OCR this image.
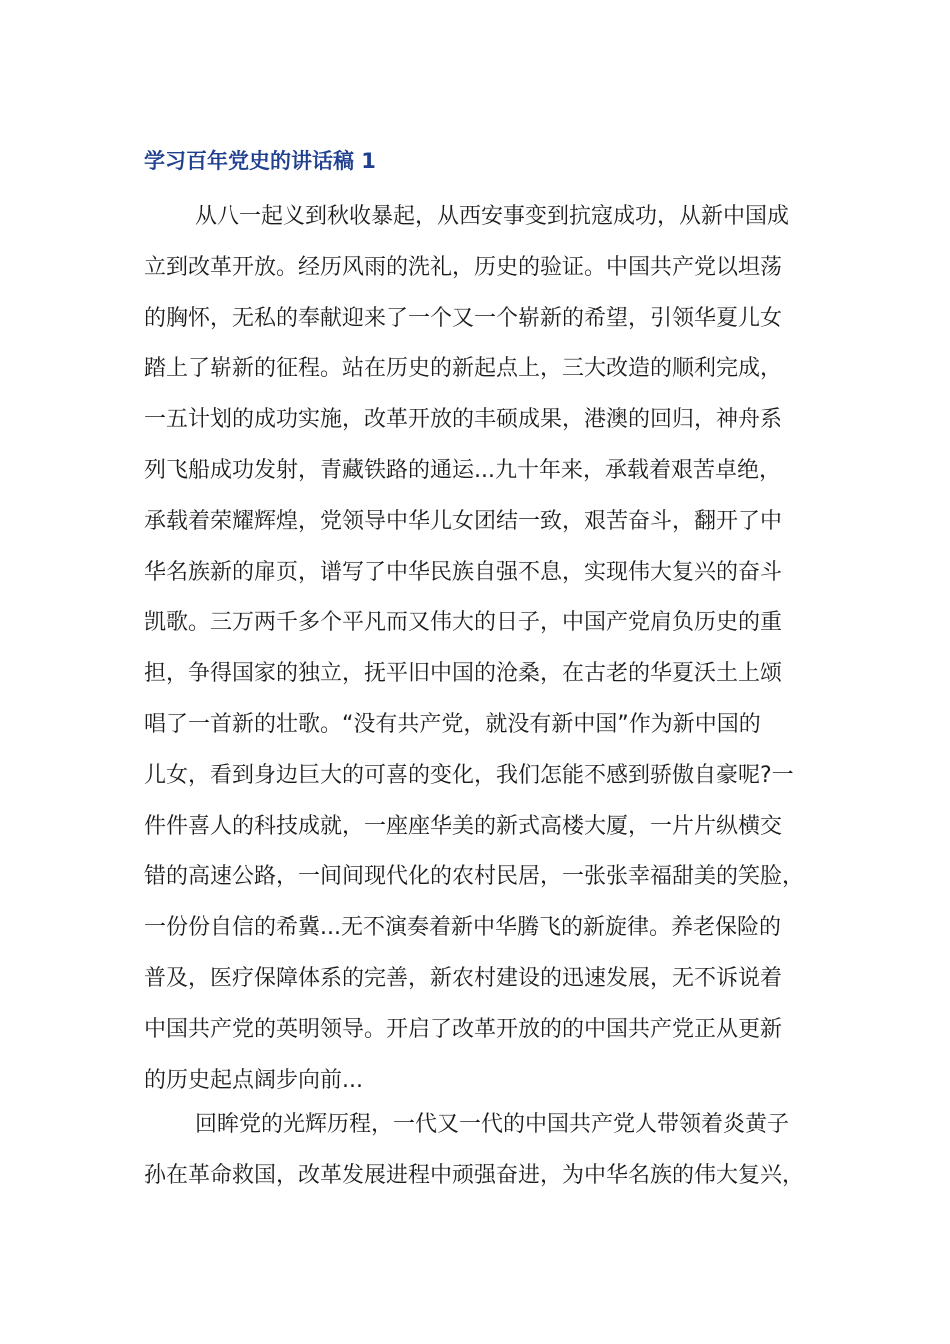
学习百年党史的讲话稿 1
从八一起义到秋收暴起，从西安事变到抗寇成功，从新中国成
立到改革开放。经历风雨的洗礼，历史的验证。中国共产党以坦荡
的胸怀，无私的奉献迎来了一个又一个崭新的希望，引领华夏儿女
踏上了崭新的征程。站在历史的新起点上，三大改造的顺利完成，
一五计划的成功实施，改革开放的丰硕成果，港澳的回归，神舟系
列飞船成功发射，青藏铁路的通运...九十年来，承载着艰苦卓绝，
承载着荣耀辉煌，党领导中华儿女团结一致，艰苦奋斗，翻开了中
华名族新的扉页，谱写了中华民族自强不息，实现伟大复兴的奋斗
凯歌。三万两千多个平凡而又伟大的日子，中国产党肩负历史的重
担，争得国家的独立，抚平旧中国的沧桑，在古老的华夏沃土上颂
唱了一首新的壮歌。“没有共产党，就没有新中国”作为新中国的
儿女，看到身边巨大的可喜的变化，我们怎能不感到骄傲自豪呢?一
件件喜人的科技成就，一座座华美的新式高楼大厦，一片片纵横交
错的高速公路，一间间现代化的农村民居，一张张幸福甜美的笑脸，
一份份自信的希冀...无不演奏着新中华腾飞的新旋律。养老保险的
普及，医疗保障体系的完善，新农村建设的迅速发展，无不诉说着
中国共产党的英明领导。开启了改革开放的的中国共产党正从更新
的历史起点阔步向前...
回眸党的光辉历程，一代又一代的中国共产党人带领着炎黄子
孙在革命救国，改革发展进程中顽强奋进，为中华名族的伟大复兴，
